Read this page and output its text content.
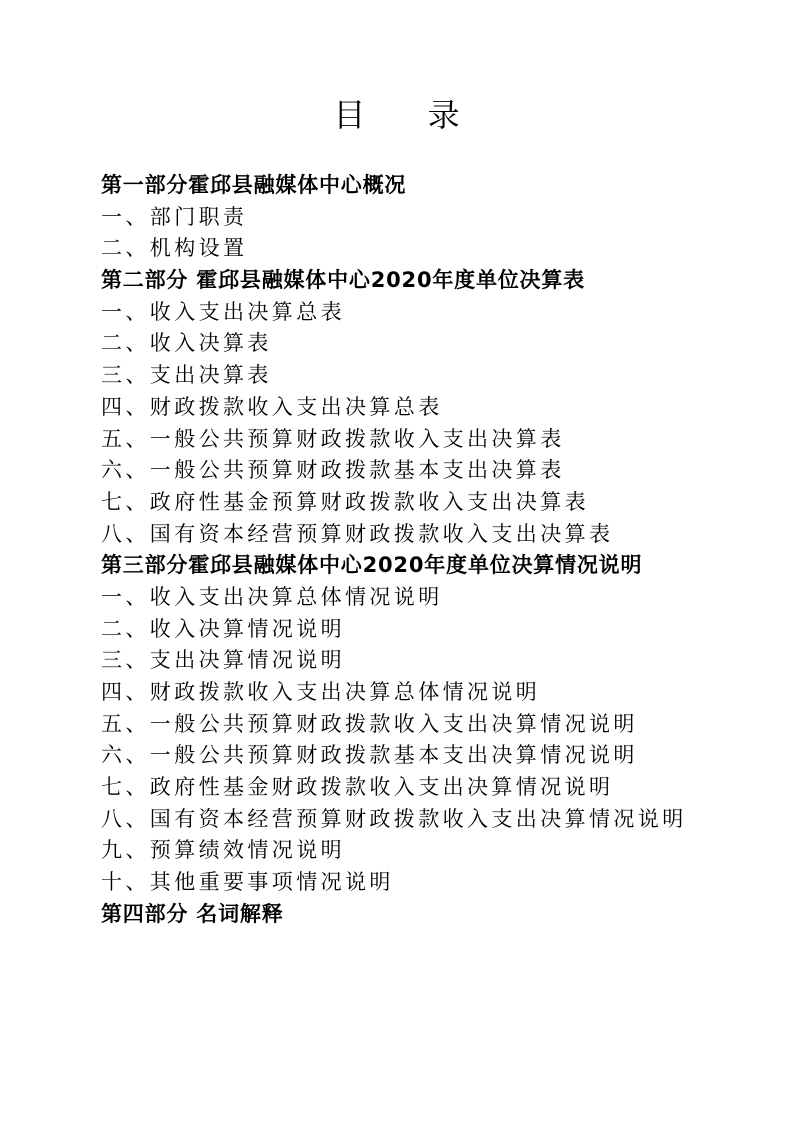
目 录
第一部分霍邱县融媒体中心概况
一、部门职责
二、机构设置
第二部分 霍邱县融媒体中心2020年度单位决算表
一、收入支出决算总表
二、收入决算表
三、支出决算表
四、财政拨款收入支出决算总表
五、一般公共预算财政拨款收入支出决算表
六、一般公共预算财政拨款基本支出决算表
七、政府性基金预算财政拨款收入支出决算表
八、国有资本经营预算财政拨款收入支出决算表
第三部分霍邱县融媒体中心2020年度单位决算情况说明
一、收入支出决算总体情况说明
二、收入决算情况说明
三、支出决算情况说明
四、财政拨款收入支出决算总体情况说明
五、一般公共预算财政拨款收入支出决算情况说明
六、一般公共预算财政拨款基本支出决算情况说明
七、政府性基金财政拨款收入支出决算情况说明
八、国有资本经营预算财政拨款收入支出决算情况说明
九、预算绩效情况说明
十、其他重要事项情况说明
第四部分 名词解释
